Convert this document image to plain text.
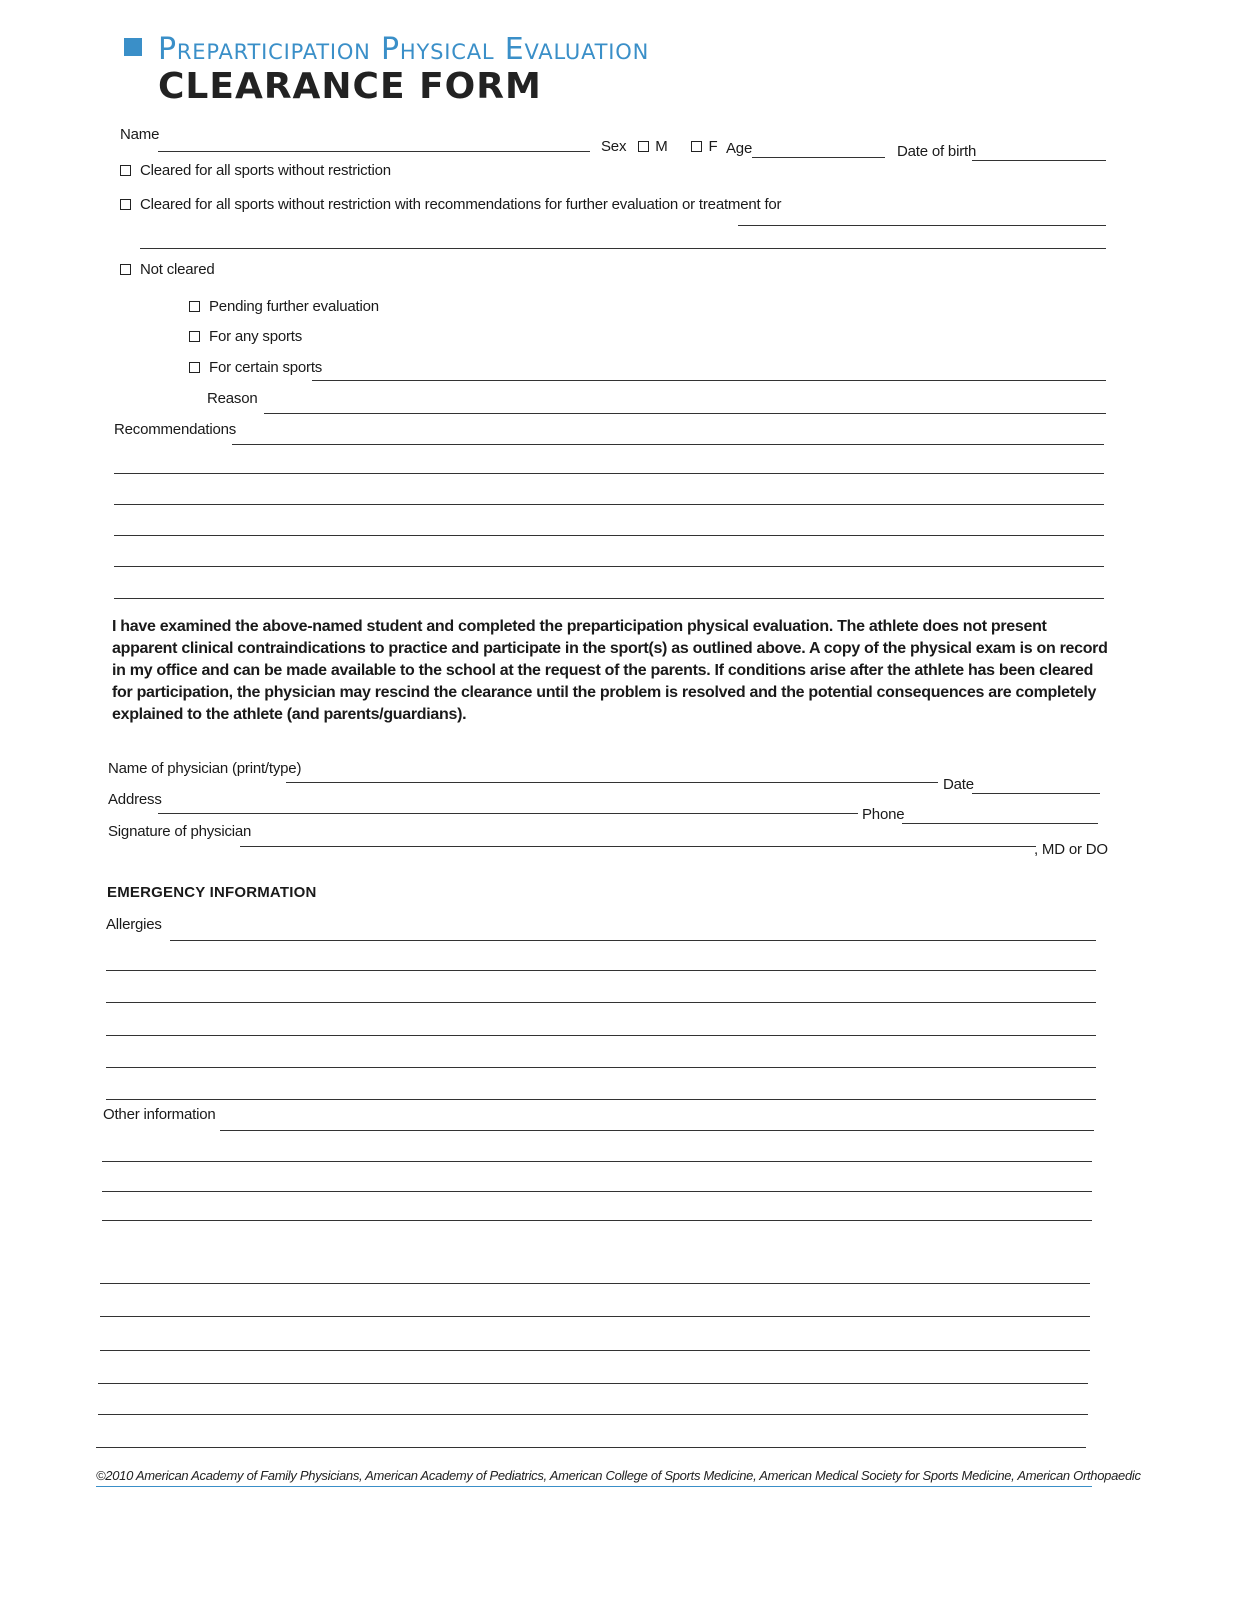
Preparticipation Physical Evaluation
CLEARANCE FORM
Name
Sex M	F Age	Date of birth
Cleared for all sports without restriction
Cleared for all sports without restriction with recommendations for further evaluation or treatment for
Not cleared
Pending further evaluation
For any sports
For certain sports
Reason
Recommendations
I have examined the above-named student and completed the preparticipation physical evaluation. The athlete does not present apparent clinical contraindications to practice and participate in the sport(s) as outlined above. A copy of the physical exam is on record in my office and can be made available to the school at the request of the parents. If conditions arise after the athlete has been cleared for participation, the physician may rescind the clearance until the problem is resolved and the potential consequences are completely explained to the athlete (and parents/guardians).
Name of physician (print/type)
Date
Address
Phone
Signature of physician
, MD or DO
EMERGENCY INFORMATION
Allergies
Other information
©2010 American Academy of Family Physicians, American Academy of Pediatrics, American College of Sports Medicine, American Medical Society for Sports Medicine, American Orthopaedic
